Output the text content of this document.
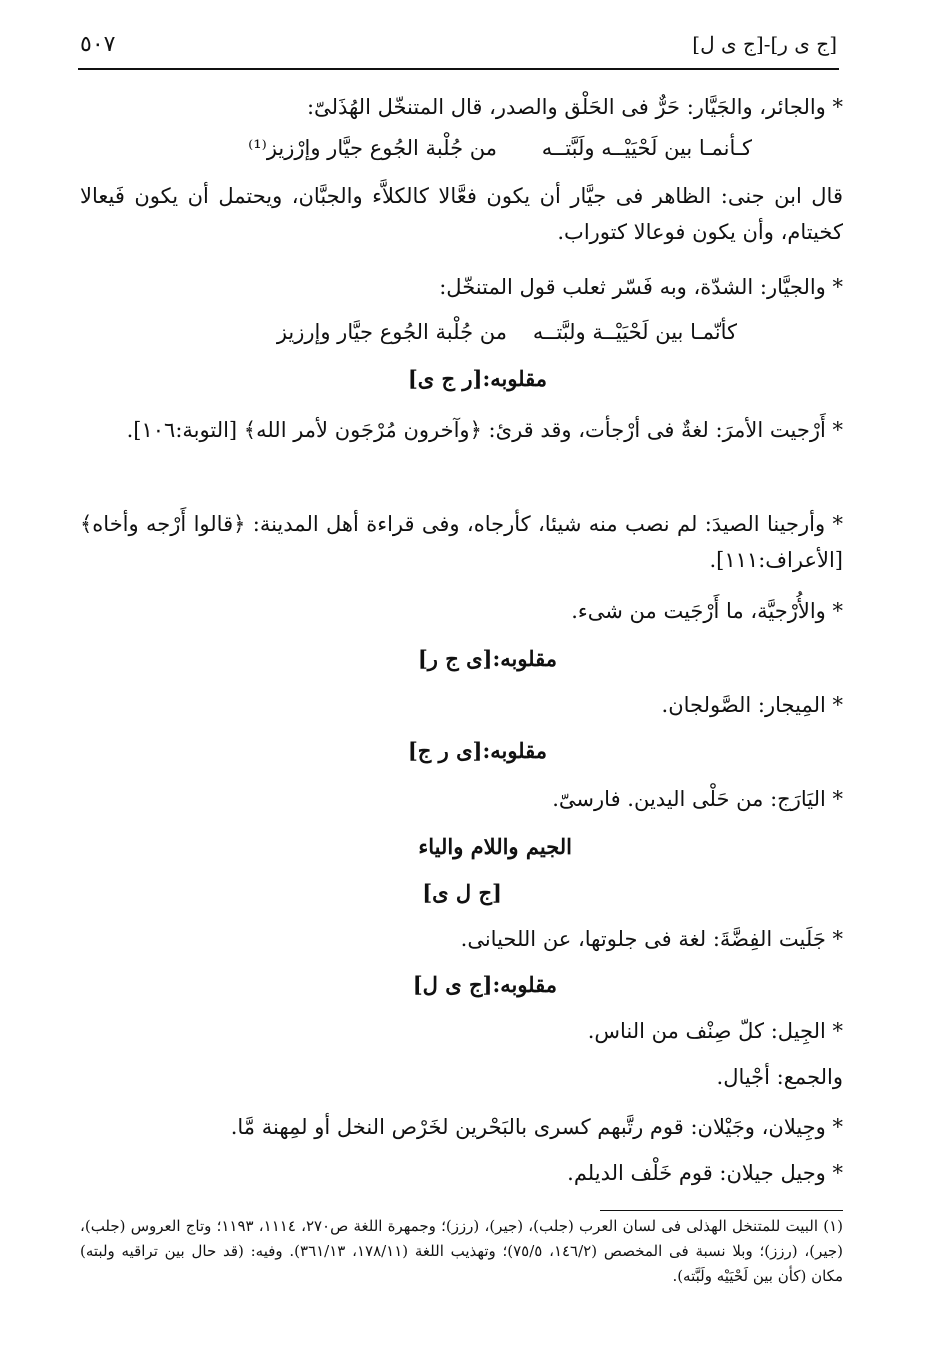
٥٠٧	[ج ى ر]-[ج ى ل]
* والجائر، والجَيَّار: حَرٌّ فى الحَلْق والصدر، قال المتنخّل الهُذَلىّ:
كـأنمـا بين لَحْيَيْــه ولَبَّتــه
من جُلْبة الجُوع جيَّار وإرْزيز⁽¹⁾
قال ابن جنى: الظاهر فى جيَّار أن يكون فعَّالا كالكلاَّء والجبَّان، ويحتمل أن يكون فَيعالا كخيتام، وأن يكون فوعالا كتوراب.
* والجيَّار: الشدّة، وبه فَسّر ثعلب قول المتنخّل:
كأنّمـا بين لَحْيَيْــة ولبَّتــه
من جُلْبة الجُوع جيَّار وإرزيز
مقلوبه:[ر ج ى]
* أَرْجيت الأمرَ: لغةٌ فى أرْجأت، وقد قرئ: ﴿وآخرون مُرْجَون لأمر الله﴾ [التوبة:١٠٦].
* وأرجينا الصيدَ: لم نصب منه شيئا، كأرجاه، وفى قراءة أهل المدينة: ﴿قالوا أَرْجه وأخاه﴾ [الأعراف:١١١].
* والأُرْجيَّة، ما أَرْجَيت من شىء.
مقلوبه:[ى ج ر]
* المِيجار: الصَّولجان.
مقلوبه:[ى ر ج]
* اليَارَج: من حَلْى اليدين. فارسىّ.
الجيم واللام والياء
[ج ل ى]
* جَلَيت الفِضَّةَ: لغة فى جلوتها، عن اللحيانى.
مقلوبه:[ج ى ل]
* الجِيل: كلّ صِنْف من الناس.
والجمع: أجْيال.
* وجِيلان، وجَيْلان: قوم رتَّبهم كسرى بالبَحْرين لخَرْص النخل أو لمِهنة مَّا.
* وجيل جيلان: قوم خَلْف الديلم.
(١) البيت للمتنخل الهذلى فى لسان العرب (جلب)، (جير)، (رزز)؛ وجمهرة اللغة ص٢٧٠، ١١١٤، ١١٩٣؛ وتاج العروس (جلب)، (جير)، (رزز)؛ وبلا نسبة فى المخصص (١٤٦/٢، ٧٥/٥)؛ وتهذيب اللغة (١٧٨/١١، ٣٦١/١٣). وفيه: (قد حال بين تراقيه ولبته) مكان (كأن بين لَحْيَيْه ولَبَّته).
